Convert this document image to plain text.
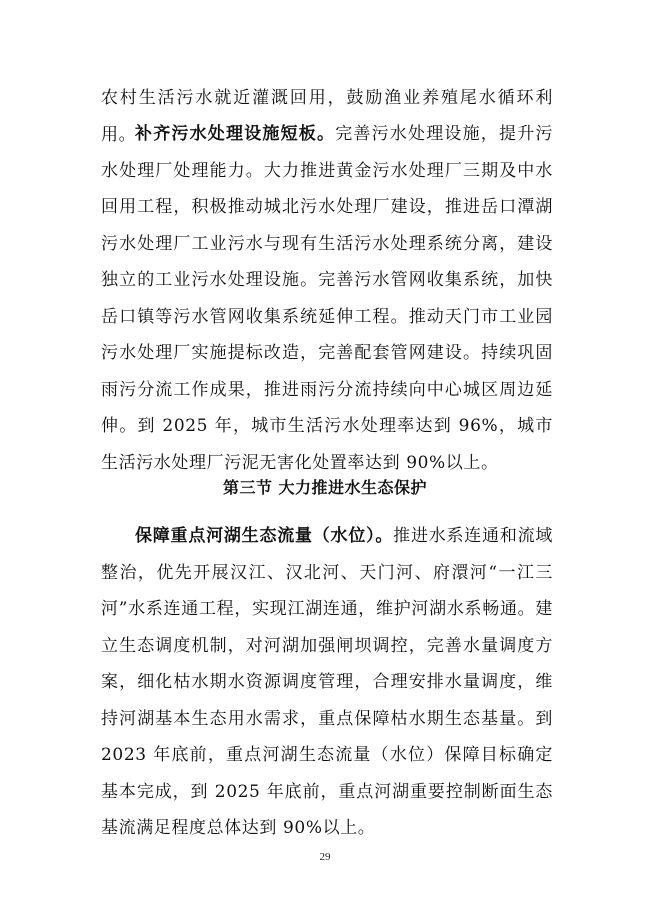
农村生活污水就近灌溉回用，鼓励渔业养殖尾水循环利用。
补齐污水处理设施短板。完善污水处理设施，提升污水处理厂处理能力。大力推进黄金污水处理厂三期及中水回用工程，积极推动城北污水处理厂建设，推进岳口潭湖污水处理厂工业污水与现有生活污水处理系统分离，建设独立的工业污水处理设施。完善污水管网收集系统，加快岳口镇等污水管网收集系统延伸工程。推动天门市工业园污水处理厂实施提标改造，完善配套管网建设。持续巩固雨污分流工作成果，推进雨污分流持续向中心城区周边延伸。到 2025 年，城市生活污水处理率达到 96%，城市生活污水处理厂污泥无害化处置率达到 90%以上。
第三节 大力推进水生态保护
保障重点河湖生态流量（水位）。推进水系连通和流域整治，优先开展汉江、汉北河、天门河、府澴河“一江三河”水系连通工程，实现江湖连通，维护河湖水系畅通。建立生态调度机制，对河湖加强闸坝调控，完善水量调度方案，细化枯水期水资源调度管理，合理安排水量调度，维持河湖基本生态用水需求，重点保障枯水期生态基量。到 2023 年底前，重点河湖生态流量（水位）保障目标确定基本完成，到 2025 年底前，重点河湖重要控制断面生态基流满足程度总体达到 90%以上。
29
